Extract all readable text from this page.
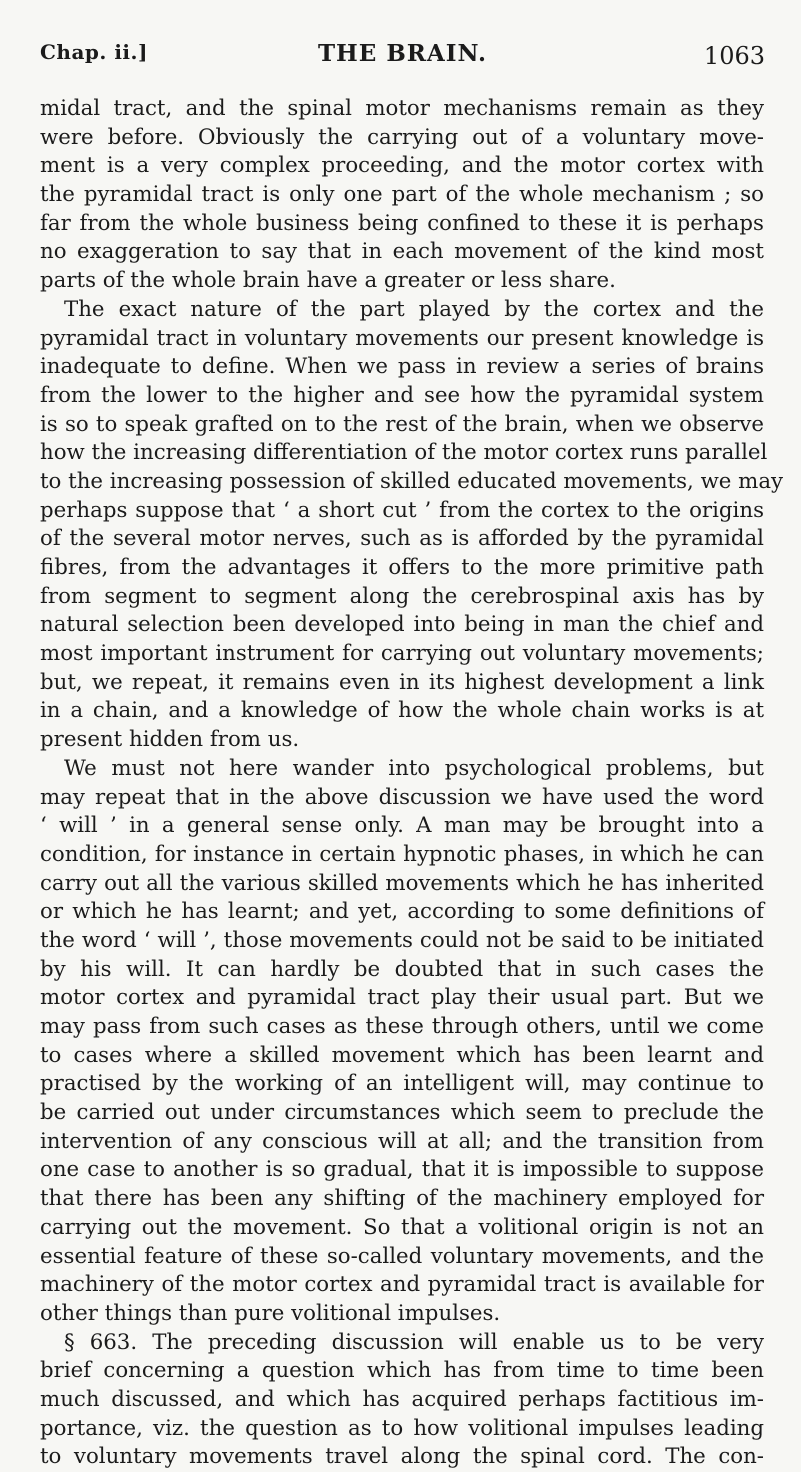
Chap. ii.]	THE BRAIN.	1063
midal tract, and the spinal motor mechanisms remain as they
were before. Obviously the carrying out of a voluntary move-
ment is a very complex proceeding, and the motor cortex with
the pyramidal tract is only one part of the whole mechanism ; so
far from the whole business being confined to these it is perhaps
no exaggeration to say that in each movement of the kind most
parts of the whole brain have a greater or less share.
The exact nature of the part played by the cortex and the
pyramidal tract in voluntary movements our present knowledge is
inadequate to define. When we pass in review a series of brains
from the lower to the higher and see how the pyramidal system
is so to speak grafted on to the rest of the brain, when we observe
how the increasing differentiation of the motor cortex runs parallel
to the increasing possession of skilled educated movements, we may
perhaps suppose that ‘ a short cut ’ from the cortex to the origins
of the several motor nerves, such as is afforded by the pyramidal
fibres, from the advantages it offers to the more primitive path
from segment to segment along the cerebrospinal axis has by
natural selection been developed into being in man the chief and
most important instrument for carrying out voluntary movements;
but, we repeat, it remains even in its highest development a link
in a chain, and a knowledge of how the whole chain works is at
present hidden from us.
We must not here wander into psychological problems, but
may repeat that in the above discussion we have used the word
‘ will ’ in a general sense only. A man may be brought into a
condition, for instance in certain hypnotic phases, in which he can
carry out all the various skilled movements which he has inherited
or which he has learnt; and yet, according to some definitions of
the word ‘ will ’, those movements could not be said to be initiated
by his will. It can hardly be doubted that in such cases the
motor cortex and pyramidal tract play their usual part. But we
may pass from such cases as these through others, until we come
to cases where a skilled movement which has been learnt and
practised by the working of an intelligent will, may continue to
be carried out under circumstances which seem to preclude the
intervention of any conscious will at all; and the transition from
one case to another is so gradual, that it is impossible to suppose
that there has been any shifting of the machinery employed for
carrying out the movement. So that a volitional origin is not an
essential feature of these so-called voluntary movements, and the
machinery of the motor cortex and pyramidal tract is available for
other things than pure volitional impulses.
§ 663. The preceding discussion will enable us to be very
brief concerning a question which has from time to time been
much discussed, and which has acquired perhaps factitious im-
portance, viz. the question as to how volitional impulses leading
to voluntary movements travel along the spinal cord. The con-
